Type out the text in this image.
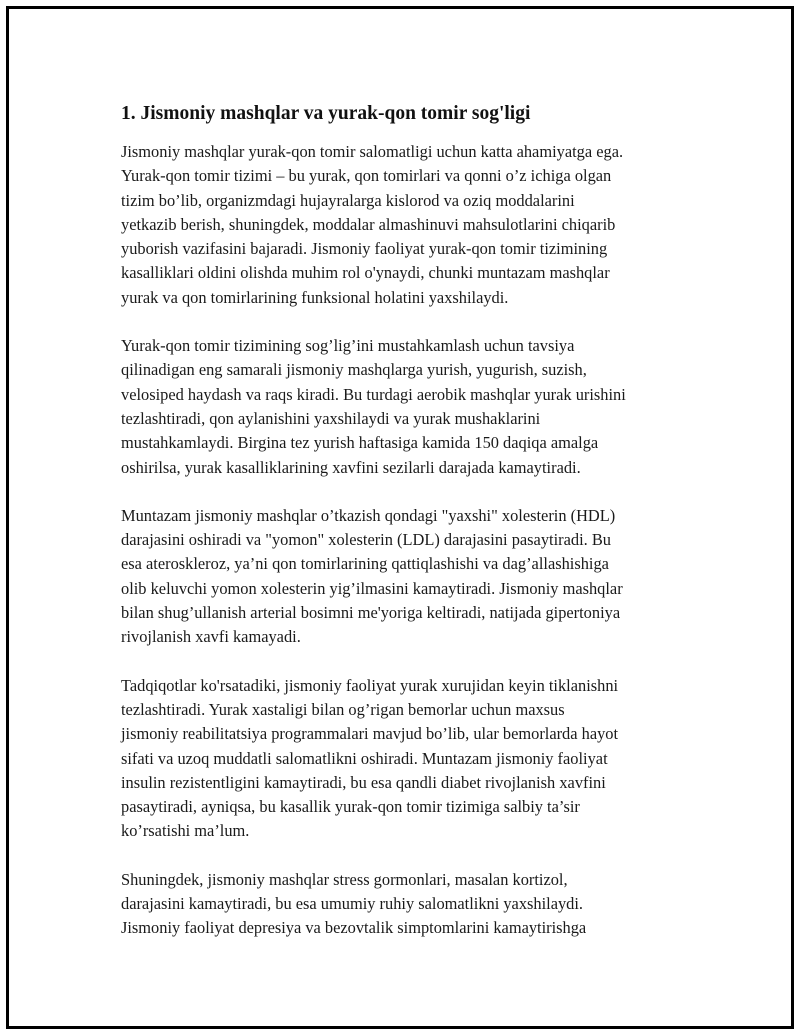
1. Jismoniy mashqlar va yurak-qon tomir sog'ligi

Jismoniy mashqlar yurak-qon tomir salomatligi uchun katta ahamiyatga ega.
Yurak-qon tomir tizimi – bu yurak, qon tomirlari va qonni o’z ichiga olgan
tizim bo’lib, organizmdagi hujayralarga kislorod va oziq moddalarini
yetkazib berish, shuningdek, moddalar almashinuvi mahsulotlarini chiqarib
yuborish vazifasini bajaradi. Jismoniy faoliyat yurak-qon tomir tizimining
kasalliklari oldini olishda muhim rol o'ynaydi, chunki muntazam mashqlar
yurak va qon tomirlarining funksional holatini yaxshilaydi.

Yurak-qon tomir tizimining sog’lig’ini mustahkamlash uchun tavsiya
qilinadigan eng samarali jismoniy mashqlarga yurish, yugurish, suzish,
velosiped haydash va raqs kiradi. Bu turdagi aerobik mashqlar yurak urishini
tezlashtiradi, qon aylanishini yaxshilaydi va yurak mushaklarini
mustahkamlaydi. Birgina tez yurish haftasiga kamida 150 daqiqa amalga
oshirilsa, yurak kasalliklarining xavfini sezilarli darajada kamaytiradi.

Muntazam jismoniy mashqlar o’tkazish qondagi "yaxshi" xolesterin (HDL)
darajasini oshiradi va "yomon" xolesterin (LDL) darajasini pasaytiradi. Bu
esa ateroskleroz, ya’ni qon tomirlarining qattiqlashishi va dag’allashishiga
olib keluvchi yomon xolesterin yig’ilmasini kamaytiradi. Jismoniy mashqlar
bilan shug’ullanish arterial bosimni me'yoriga keltiradi, natijada gipertoniya
rivojlanish xavfi kamayadi.

Tadqiqotlar ko'rsatadiki, jismoniy faoliyat yurak xurujidan keyin tiklanishni
tezlashtiradi. Yurak xastaligi bilan og’rigan bemorlar uchun maxsus
jismoniy reabilitatsiya programmalari mavjud bo’lib, ular bemorlarda hayot
sifati va uzoq muddatli salomatlikni oshiradi. Muntazam jismoniy faoliyat
insulin rezistentligini kamaytiradi, bu esa qandli diabet rivojlanish xavfini
pasaytiradi, ayniqsa, bu kasallik yurak-qon tomir tizimiga salbiy ta’sir
ko’rsatishi ma’lum.

Shuningdek, jismoniy mashqlar stress gormonlari, masalan kortizol,
darajasini kamaytiradi, bu esa umumiy ruhiy salomatlikni yaxshilaydi.
Jismoniy faoliyat depresiya va bezovtalik simptomlarini kamaytirishga
